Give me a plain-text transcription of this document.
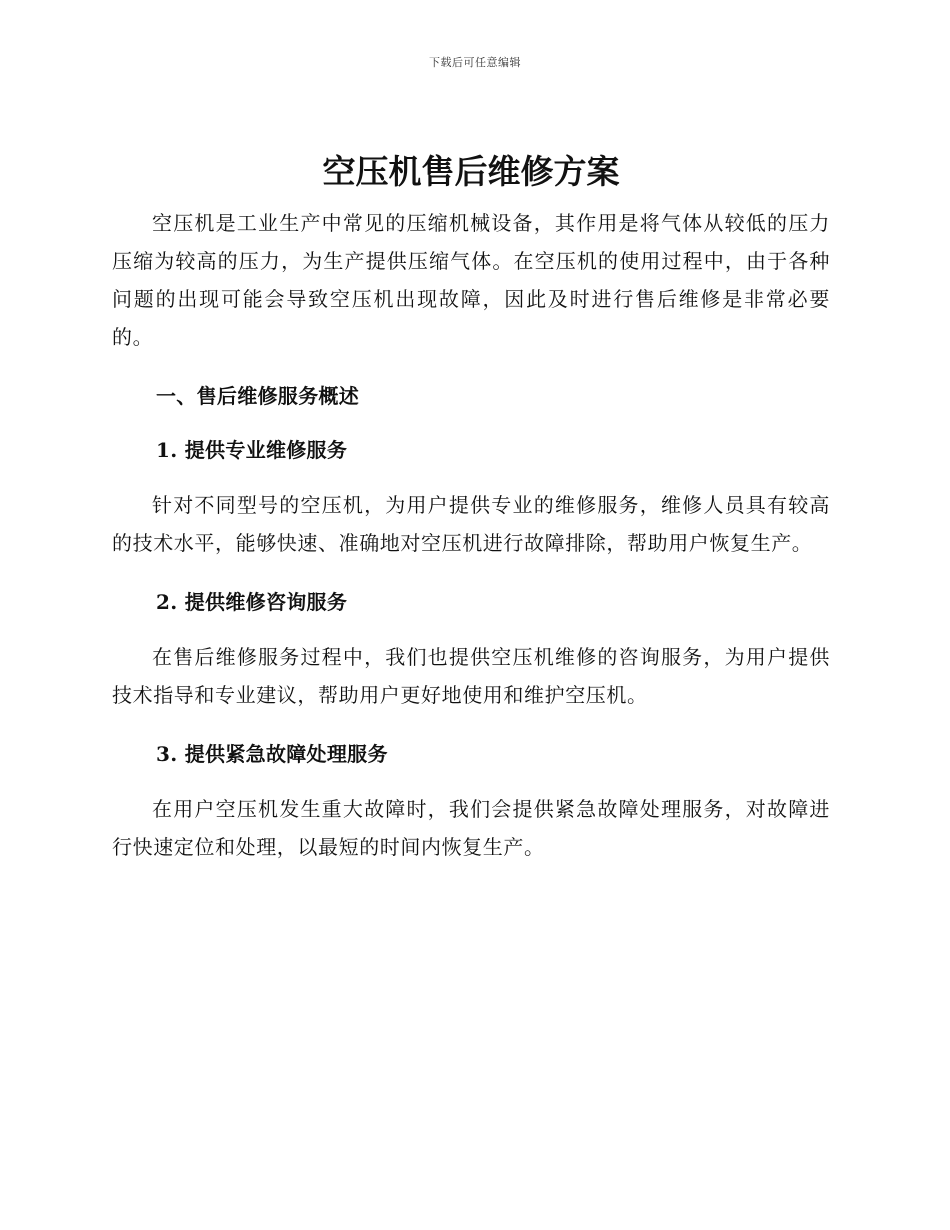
下载后可任意编辑
空压机售后维修方案

空压机是工业生产中常见的压缩机械设备，其作用是将气体从较低的压力压缩为较高的压力，为生产提供压缩气体。在空压机的使用过程中，由于各种问题的出现可能会导致空压机出现故障，因此及时进行售后维修是非常必要的。

一、售后维修服务概述
1. 提供专业维修服务

针对不同型号的空压机，为用户提供专业的维修服务，维修人员具有较高的技术水平，能够快速、准确地对空压机进行故障排除，帮助用户恢复生产。

2. 提供维修咨询服务

在售后维修服务过程中，我们也提供空压机维修的咨询服务，为用户提供技术指导和专业建议，帮助用户更好地使用和维护空压机。

3. 提供紧急故障处理服务

在用户空压机发生重大故障时，我们会提供紧急故障处理服务，对故障进行快速定位和处理，以最短的时间内恢复生产。
